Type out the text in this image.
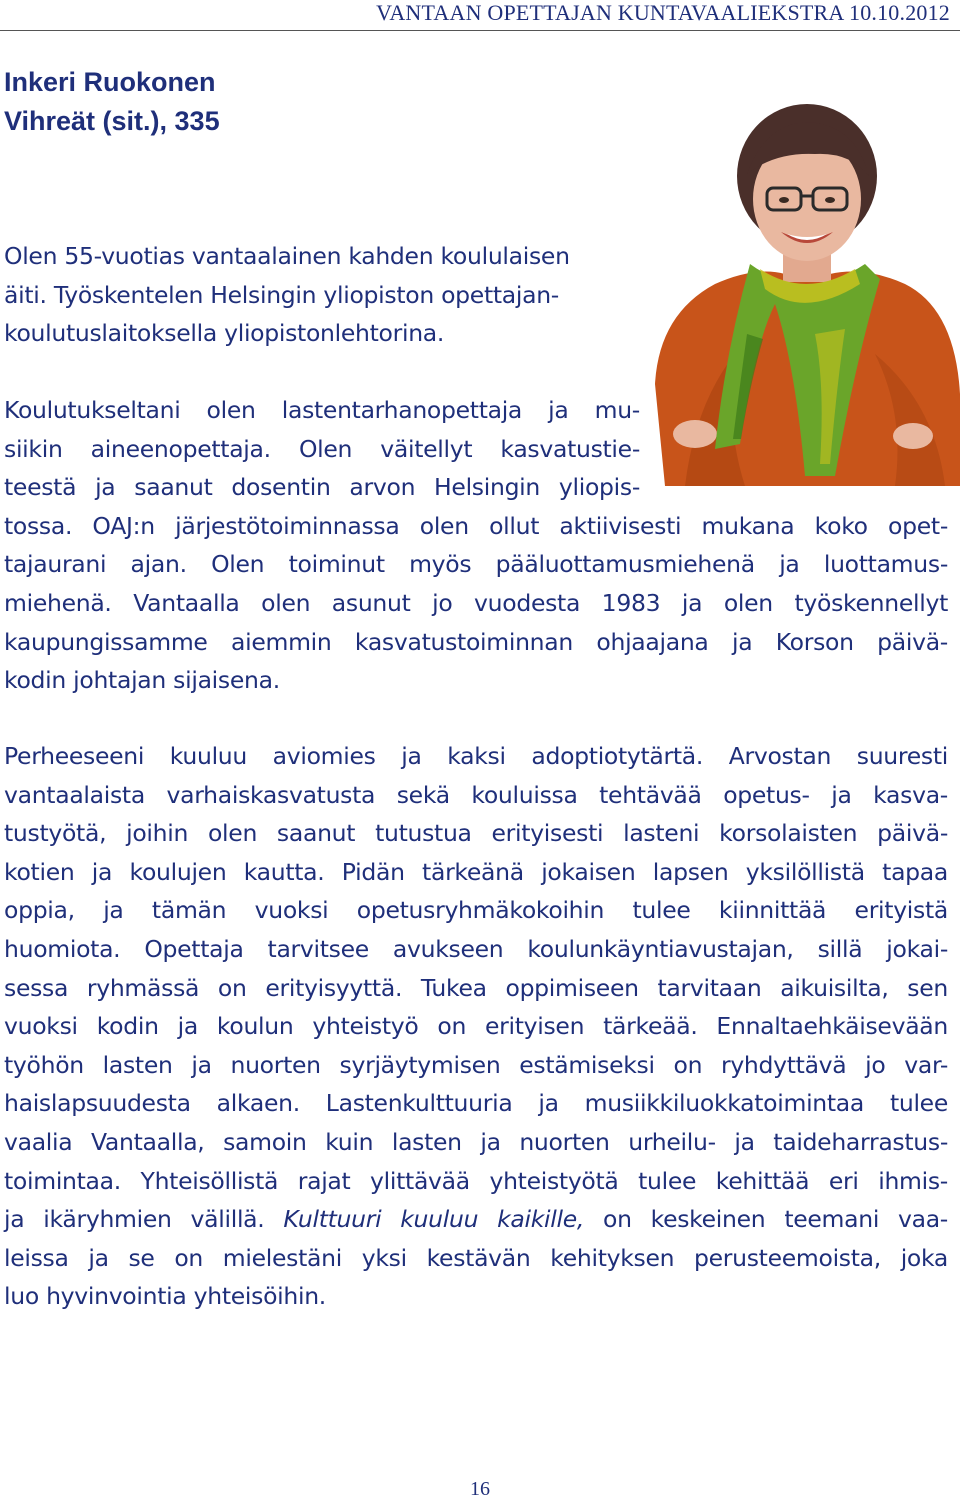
VANTAAN OPETTAJAN KUNTAVAALIEKSTRA 10.10.2012
Inkeri Ruokonen
Vihreät (sit.), 335
Olen 55-vuotias vantaalainen kahden koululaisen
äiti. Työskentelen Helsingin yliopiston opettajan-
koulutuslaitoksella yliopistonlehtorina.
Koulutukseltani olen lastentarhanopettaja ja mu-
siikin aineenopettaja. Olen väitellyt kasvatustie-
teestä ja saanut dosentin arvon Helsingin yliopis-
tossa. OAJ:n järjestötoiminnassa olen ollut aktiivisesti mukana koko opet-
tajaurani ajan. Olen toiminut myös pääluottamusmiehenä ja luottamus-
miehenä. Vantaalla olen asunut jo vuodesta 1983 ja olen työskennellyt
kaupungissamme aiemmin kasvatustoiminnan ohjaajana ja Korson päivä-
kodin johtajan sijaisena.
Perheeseeni kuuluu aviomies ja kaksi adoptiotytärtä. Arvostan suuresti
vantaalaista varhaiskasvatusta sekä kouluissa tehtävää opetus- ja kasva-
tustyötä, joihin olen saanut tutustua erityisesti lasteni korsolaisten päivä-
kotien ja koulujen kautta. Pidän tärkeänä jokaisen lapsen yksilöllistä tapaa
oppia, ja tämän vuoksi opetusryhmäkokoihin tulee kiinnittää erityistä
huomiota. Opettaja tarvitsee avukseen koulunkäyntiavustajan, sillä jokai-
sessa ryhmässä on erityisyyttä. Tukea oppimiseen tarvitaan aikuisilta, sen
vuoksi kodin ja koulun yhteistyö on erityisen tärkeää. Ennaltaehkäisevään
työhön lasten ja nuorten syrjäytymisen estämiseksi on ryhdyttävä jo var-
haislapsuudesta alkaen. Lastenkulttuuria ja musiikkiluokkatoimintaa tulee
vaalia Vantaalla, samoin kuin lasten ja nuorten urheilu- ja taideharrastus-
toimintaa. Yhteisöllistä rajat ylittävää yhteistyötä tulee kehittää eri ihmis-
ja ikäryhmien välillä. Kulttuuri kuuluu kaikille, on keskeinen teemani vaa-
leissa ja se on mielestäni yksi kestävän kehityksen perusteemoista, joka
luo hyvinvointia yhteisöihin.
16
